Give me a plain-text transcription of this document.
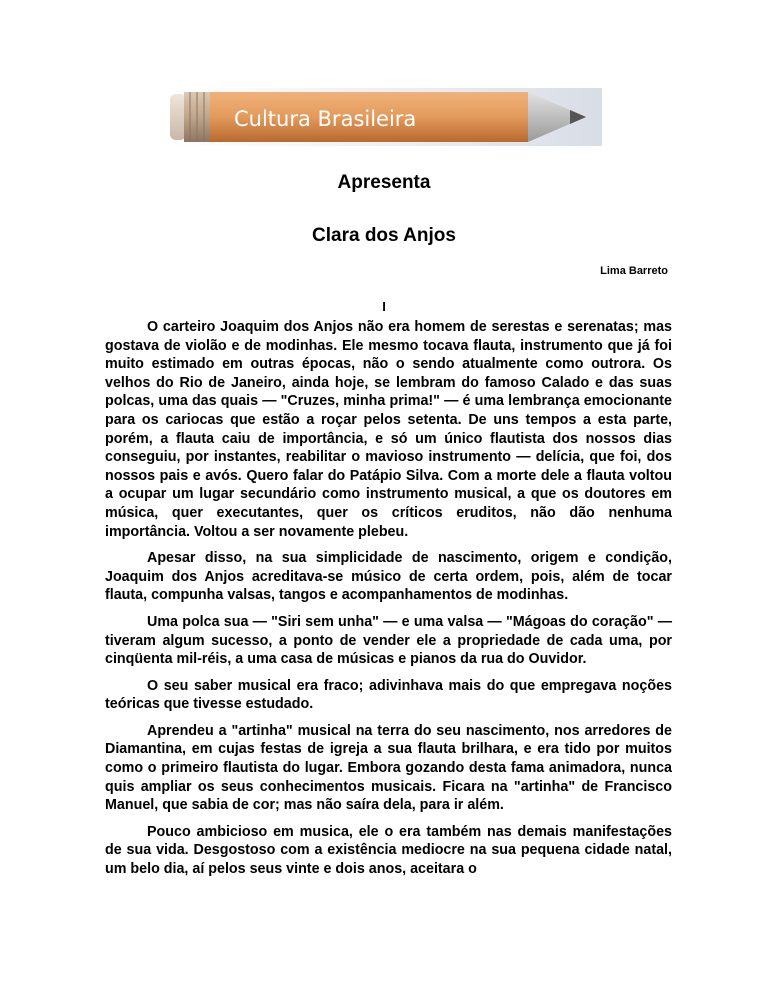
Cultura Brasileira
Apresenta
Clara dos Anjos
Lima Barreto
I

O carteiro Joaquim dos Anjos não era homem de serestas e serenatas; mas gostava de violão e de modinhas. Ele mesmo tocava flauta, instrumento que já foi muito estimado em outras épocas, não o sendo atualmente como outrora. Os velhos do Rio de Janeiro, ainda hoje, se lembram do famoso Calado e das suas polcas, uma das quais — "Cruzes, minha prima!" — é uma lembrança emocionante para os cariocas que estão a roçar pelos setenta. De uns tempos a esta parte, porém, a flauta caiu de importância, e só um único flautista dos nossos dias conseguiu, por instantes, reabilitar o mavioso instrumento — delícia, que foi, dos nossos pais e avós. Quero falar do Patápio Silva. Com a morte dele a flauta voltou a ocupar um lugar secundário como instrumento musical, a que os doutores em música, quer executantes, quer os críticos eruditos, não dão nenhuma importância. Voltou a ser novamente plebeu.

Apesar disso, na sua simplicidade de nascimento, origem e condição, Joaquim dos Anjos acreditava-se músico de certa ordem, pois, além de tocar flauta, compunha valsas, tangos e acompanhamentos de modinhas.

Uma polca sua — "Siri sem unha" — e uma valsa — "Mágoas do coração" — tiveram algum sucesso, a ponto de vender ele a propriedade de cada uma, por cinqüenta mil-réis, a uma casa de músicas e pianos da rua do Ouvidor.

O seu saber musical era fraco; adivinhava mais do que empregava noções teóricas que tivesse estudado.

Aprendeu a "artinha" musical na terra do seu nascimento, nos arredores de Diamantina, em cujas festas de igreja a sua flauta brilhara, e era tido por muitos como o primeiro flautista do lugar. Embora gozando desta fama animadora, nunca quis ampliar os seus conhecimentos musicais. Ficara na "artinha" de Francisco Manuel, que sabia de cor; mas não saíra dela, para ir além.

Pouco ambicioso em musica, ele o era também nas demais manifestações de sua vida. Desgostoso com a existência mediocre na sua pequena cidade natal, um belo dia, aí pelos seus vinte e dois anos, aceitara o
